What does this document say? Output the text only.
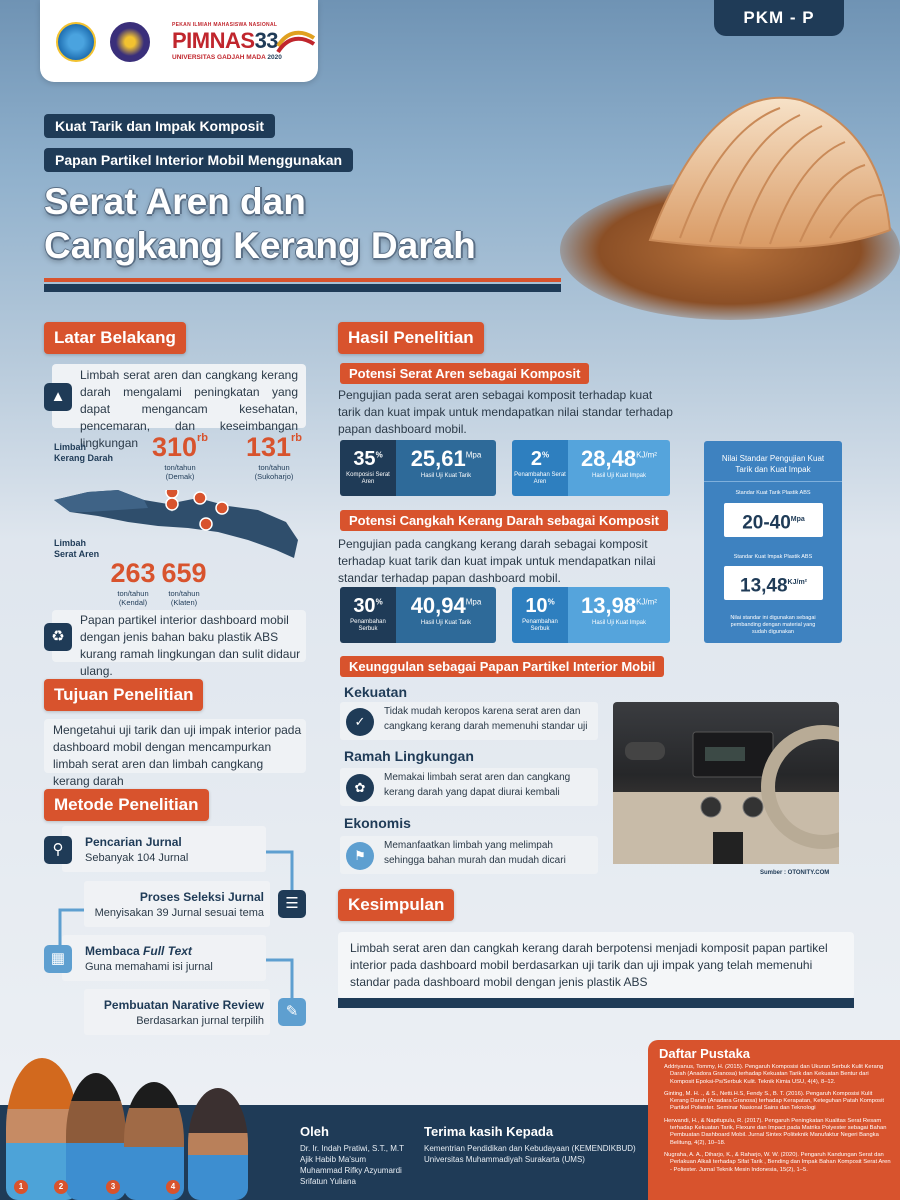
PEKAN ILMIAH MAHASISWA NASIONAL
PIMNAS33
UNIVERSITAS GADJAH MADA 2020
PKM - P
Kuat Tarik dan Impak Komposit
Papan Partikel Interior Mobil Menggunakan
Serat Aren dan
Cangkang Kerang Darah
Latar Belakang
▲
Limbah serat aren dan cangkang kerang darah mengalami peningkatan yang dapat mengancam kesehatan, pencemaran, dan keseimbangan lingkungan
Limbah Kerang Darah
Limbah Serat Aren
$310^{rb}$
ton/tahun
(Demak)
$131^{rb}$
ton/tahun
(Sukoharjo)
263
ton/tahun
(Kendal)
659
ton/tahun
(Klaten)
♻
Papan partikel interior dashboard mobil dengan jenis bahan baku plastik ABS kurang ramah lingkungan dan sulit didaur ulang.
Tujuan Penelitian
Mengetahui uji tarik dan uji impak interior pada dashboard mobil dengan mencampurkan limbah serat aren dan limbah cangkang kerang darah
Metode Penelitian
Pencarian Jurnal
Sebanyak 104 Jurnal
⚲
Proses Seleksi Jurnal
Menyisakan 39 Jurnal sesuai tema
☰
Membaca Full Text
Guna memahami isi jurnal
▦
Pembuatan Narative Review
Berdasarkan jurnal terpilih
✎
Hasil Penelitian
Potensi Serat Aren sebagai Komposit
Pengujian pada serat aren sebagai komposit terhadap kuat tarik dan kuat impak untuk mendapatkan nilai standar terhadap papan dashboard mobil.
35%
Komposisi Serat Aren
$25,61^{Mpa}$
Hasil Uji Kuat Tarik
2%
Penambahan Serat Aren
$28,48^{KJ/m^2}$
Hasil Uji Kuat Impak
Potensi Cangkah Kerang Darah sebagai Komposit
Pengujian pada cangkang kerang darah sebagai komposit terhadap kuat tarik dan kuat impak untuk mendapatkan nilai standar terhadap papan dashboard mobil.
30%
Penambahan Serbuk
$40,94^{Mpa}$
Hasil Uji Kuat Tarik
10%
Penambahan Serbuk
$13,98^{KJ/m^2}$
Hasil Uji Kuat Impak
Nilai Standar Pengujian Kuat Tarik dan Kuat Impak
Standar Kuat Tarik Plastik ABS
$20-40^{Mpa}$
Standar Kuat Impak Plastik ABS
$13,48^{KJ/m^2}$
Nilai standar ini digunakan sebagai pembanding dengan material yang sudah digunakan
Keunggulan sebagai Papan Partikel Interior Mobil
Kekuatan
✓
Tidak mudah keropos karena serat aren dan cangkang kerang darah memenuhi standar uji
Ramah Lingkungan
✿
Memakai limbah serat aren dan cangkang kerang darah yang dapat diurai kembali
Ekonomis
⚑
Memanfaatkan limbah yang melimpah sehingga bahan murah dan mudah dicari
Sumber : OTONITY.COM
Kesimpulan
Limbah serat aren dan cangkah kerang darah berpotensi menjadi komposit papan partikel interior pada dashboard mobil berdasarkan uji tarik dan uji impak yang telah memenuhi standar pada dashboard mobil dengan jenis plastik ABS
1	2	3	4
Oleh
Dr. Ir. Indah Pratiwi, S.T., M.T
Ajik Habib Ma'sum
Muhammad Rifky Azyumardi
Srifatun Yuliana
Terima kasih Kepada
Kementrian Pendidikan dan Kebudayaan (KEMENDIKBUD)
Universitas Muhammadiyah Surakarta (UMS)
Daftar Pustaka
Addriyanus, Tommy, H. (2015). Pengaruh Komposisi dan Ukuran Serbuk Kulit Kerang Darah (Anadora Granosa) terhadap Kekuatan Tarik dan Kekuatan Bentur dari Komposit Epoksi-Ps/Serbuk Kulit. Teknik Kimia USU, 4(4), 8–12.
Ginting, M. H. ., & S., Netti.H.S, Fendy S., B. T. (2016). Pengaruh Komposisi Kulit Kerang Darah (Anadara Granosa) terhadap Kerapatan, Keteguhan Patah Komposit Partikel Poliester. Seminar Nasional Sains dan Teknologi
Herwandi, H., & Napitupulu, R. (2017). Pengaruh Peningkatan Kualitas Serat Resam terhadap Kekuatan Tarik, Flexure dan Impact pada Matriks Polyester sebagai Bahan Pembuatan Dashboard Mobil. Jurnal Sintex Politeknik Manufaktur Negeri Bangka Belitung, 4(2), 10–18.
Nugraha, A. A., Diharjo, K., & Raharjo, W. W. (2020). Pengaruh Kandungan Serat dan Perlakuan Alkali terhadap Sifat Tarik , Bending dan Impak Bahan Komposit Serat Aren - Poliester. Jurnal Teknik Mesin Indonesia, 15(2), 1–5.
